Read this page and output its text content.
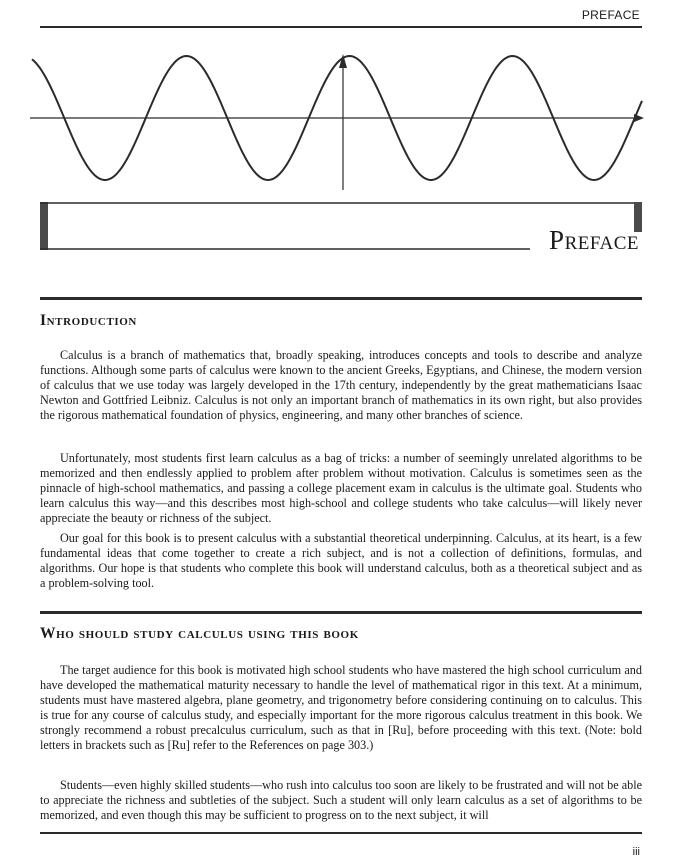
PREFACE
Preface
Introduction

Calculus is a branch of mathematics that, broadly speaking, introduces concepts and tools to describe and analyze functions. Although some parts of calculus were known to the ancient Greeks, Egyptians, and Chinese, the modern version of calculus that we use today was largely developed in the 17th century, independently by the great mathematicians Isaac Newton and Gottfried Leibniz. Calculus is not only an important branch of mathematics in its own right, but also provides the rigorous mathematical foundation of physics, engineering, and many other branches of science.

Unfortunately, most students first learn calculus as a bag of tricks: a number of seemingly unrelated algorithms to be memorized and then endlessly applied to problem after problem without motivation. Calculus is sometimes seen as the pinnacle of high-school mathematics, and passing a college placement exam in calculus is the ultimate goal. Students who learn calculus this way—and this describes most high-school and college students who take calculus—will likely never appreciate the beauty or richness of the subject.

Our goal for this book is to present calculus with a substantial theoretical underpinning. Calculus, at its heart, is a few fundamental ideas that come together to create a rich subject, and is not a collection of definitions, formulas, and algorithms. Our hope is that students who complete this book will understand calculus, both as a theoretical subject and as a problem-solving tool.

Who should study calculus using this book

The target audience for this book is motivated high school students who have mastered the high school curriculum and have developed the mathematical maturity necessary to handle the level of mathematical rigor in this text. At a minimum, students must have mastered algebra, plane geometry, and trigonometry before considering continuing on to calculus. This is true for any course of calculus study, and especially important for the more rigorous calculus treatment in this book. We strongly recommend a robust precalculus curriculum, such as that in [Ru], before proceeding with this text. (Note: bold letters in brackets such as [Ru] refer to the References on page 303.)

Students—even highly skilled students—who rush into calculus too soon are likely to be frustrated and will not be able to appreciate the richness and subtleties of the subject. Such a student will only learn calculus as a set of algorithms to be memorized, and even though this may be sufficient to progress on to the next subject, it will

iii
